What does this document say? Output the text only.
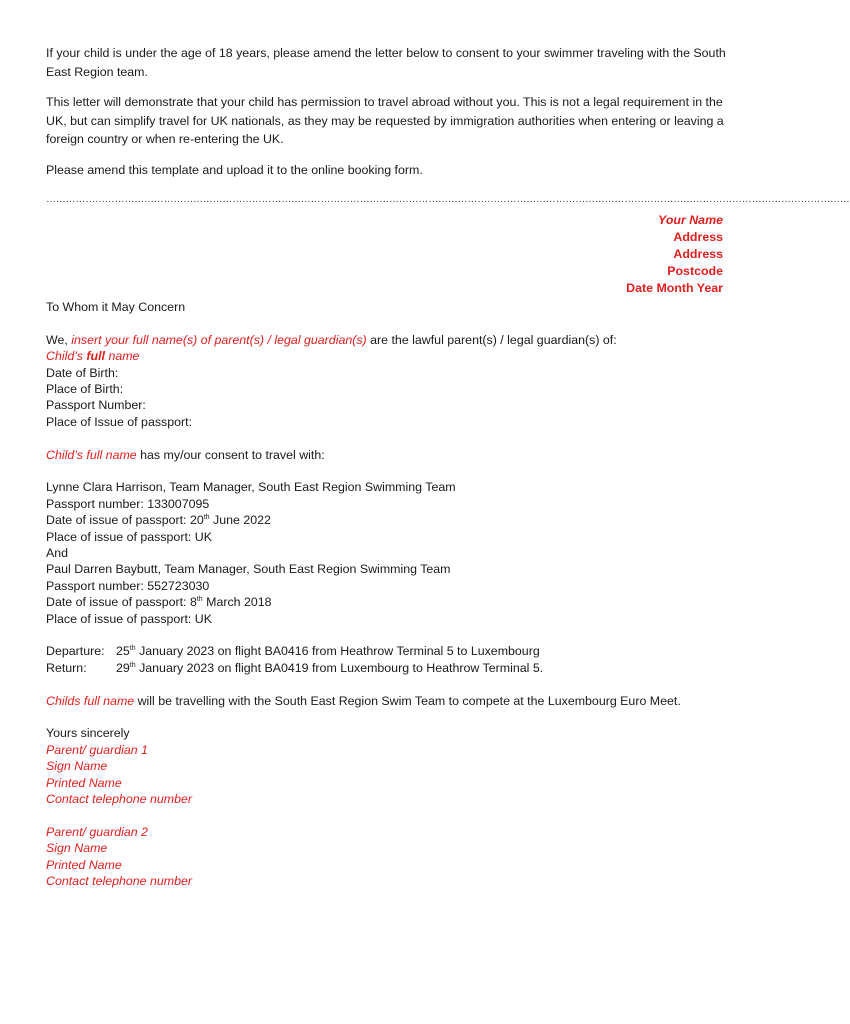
If your child is under the age of 18 years, please amend the letter below to consent to your swimmer traveling with the South East Region team.

This letter will demonstrate that your child has permission to travel abroad without you. This is not a legal requirement in the UK, but can simplify travel for UK nationals, as they may be requested by immigration authorities when entering or leaving a foreign country or when re-entering the UK.

Please amend this template and upload it to the online booking form.

…………………………………………………………………………………………………………………………………………………………………………………………………………………………
Your Name
Address
Address
Postcode
Date Month Year

To Whom it May Concern

We, insert your full name(s) of parent(s) / legal guardian(s) are the lawful parent(s) / legal guardian(s) of:

Child’s full name

Date of Birth:

Place of Birth:

Passport Number:

Place of Issue of passport:

Child’s full name has my/our consent to travel with:

Lynne Clara Harrison, Team Manager, South East Region Swimming Team

Passport number: 133007095

Date of issue of passport: 20th June 2022

Place of issue of passport: UK

And

Paul Darren Baybutt, Team Manager, South East Region Swimming Team

Passport number: 552723030

Date of issue of passport: 8th March 2018

Place of issue of passport: UK

Departure: 25th January 2023 on flight BA0416 from Heathrow Terminal 5 to Luxembourg

Return: 29th January 2023 on flight BA0419 from Luxembourg to Heathrow Terminal 5.

Childs full name will be travelling with the South East Region Swim Team to compete at the Luxembourg Euro Meet.

Yours sincerely

Parent/ guardian 1

Sign Name

Printed Name

Contact telephone number

Parent/ guardian 2

Sign Name

Printed Name

Contact telephone number
